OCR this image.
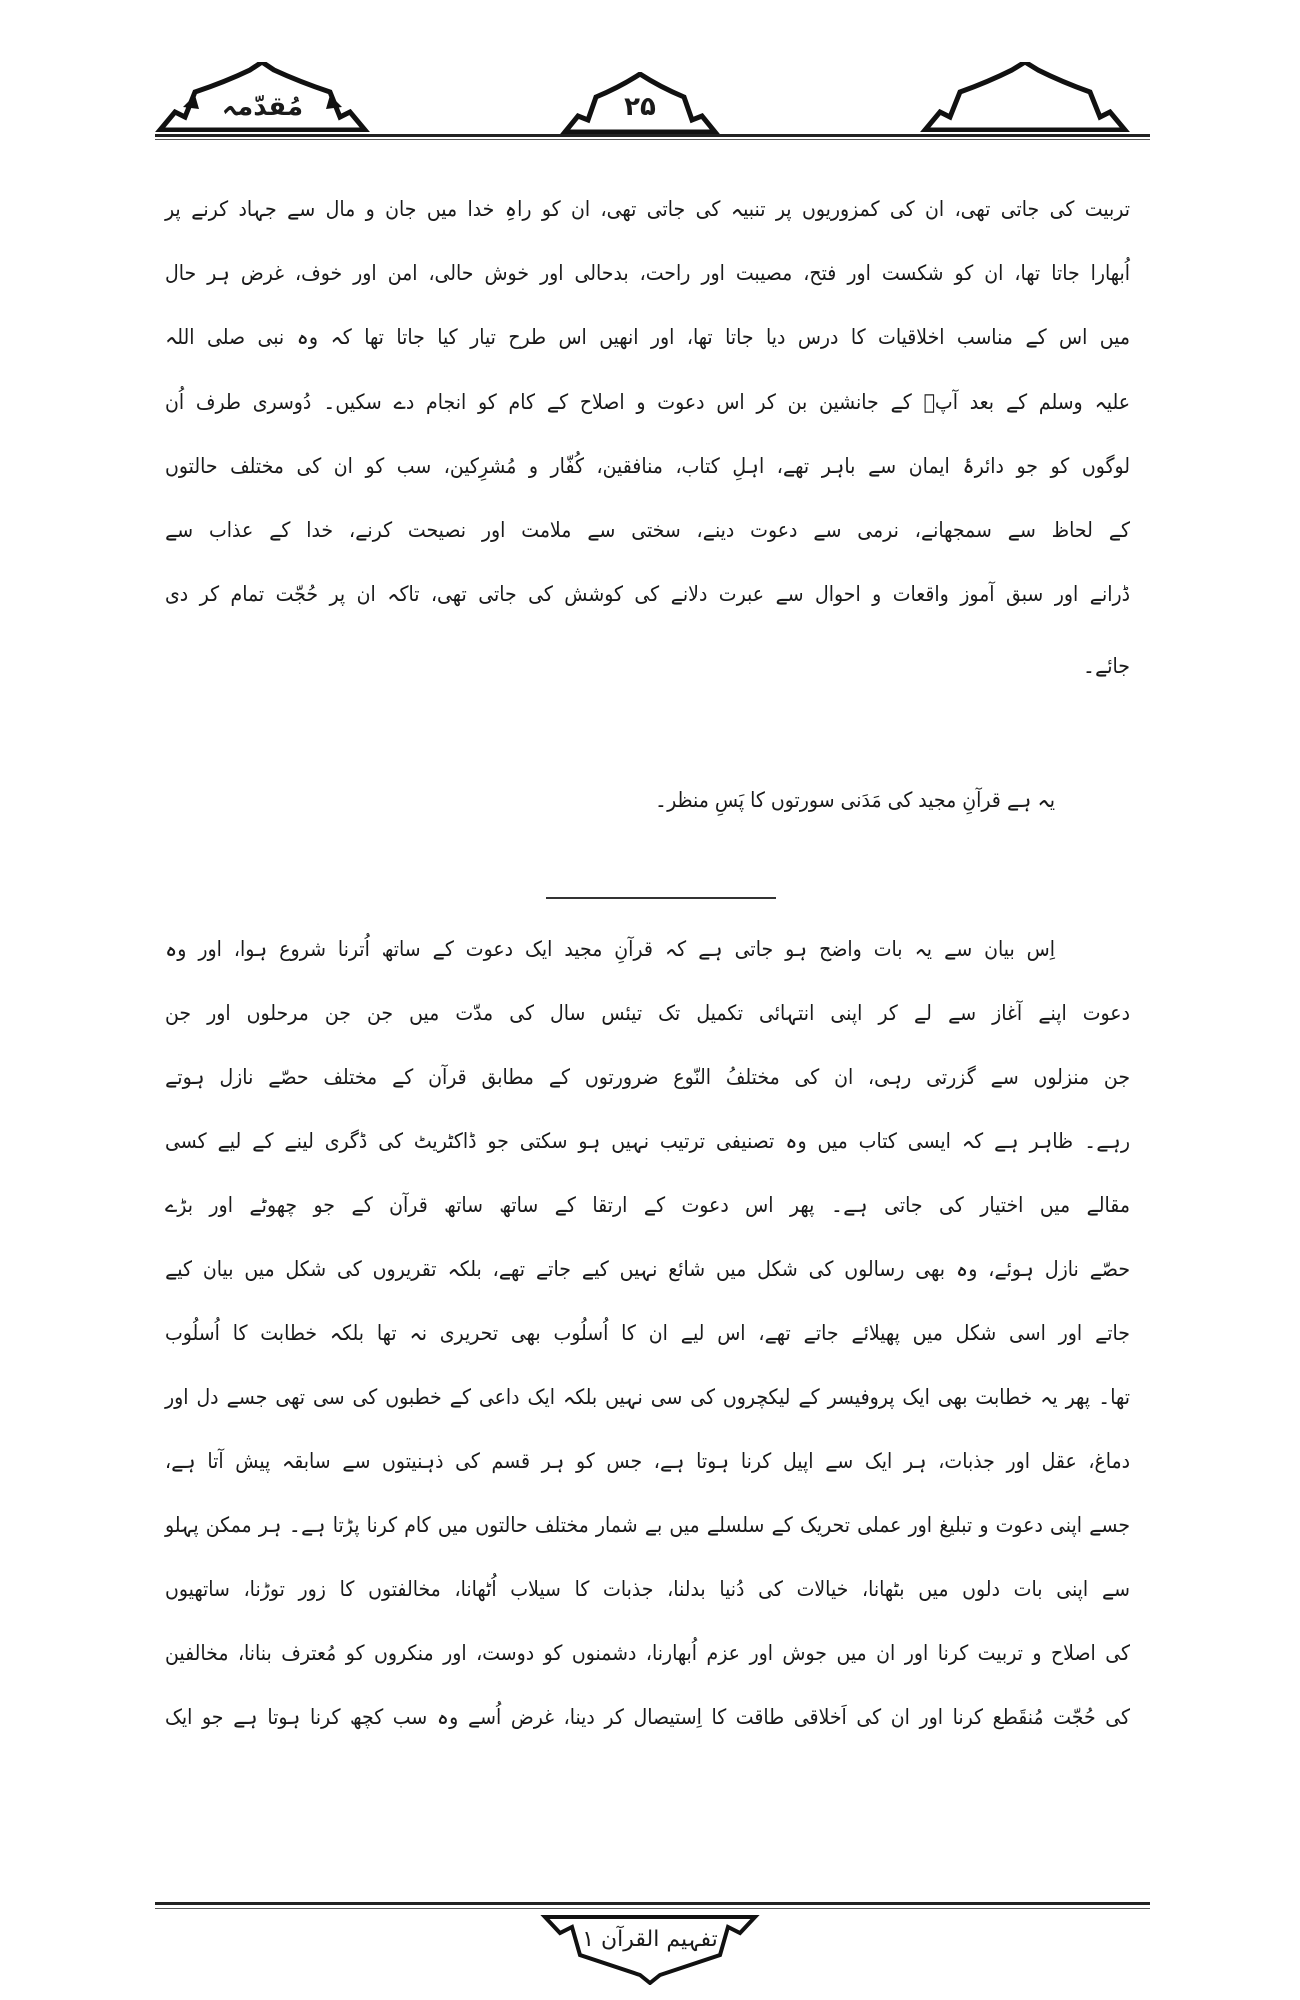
مُقدّمہ	۲۵
تربیت کی جاتی تھی، ان کی کمزوریوں پر تنبیہ کی جاتی تھی، ان کو راہِ خدا میں جان و مال سے جہاد کرنے پر
اُبھارا جاتا تھا، ان کو شکست اور فتح، مصیبت اور راحت، بدحالی اور خوش حالی، امن اور خوف، غرض ہر حال
میں اس کے مناسب اخلاقیات کا درس دیا جاتا تھا، اور انھیں اس طرح تیار کیا جاتا تھا کہ وہ نبی صلی اللہ
علیہ وسلم کے بعد آپؐ کے جانشین بن کر اس دعوت و اصلاح کے کام کو انجام دے سکیں۔ دُوسری طرف اُن
لوگوں کو جو دائرۂ ایمان سے باہر تھے، اہلِ کتاب، منافقین، کُفّار و مُشرِکین، سب کو ان کی مختلف حالتوں
کے لحاظ سے سمجھانے، نرمی سے دعوت دینے، سختی سے ملامت اور نصیحت کرنے، خدا کے عذاب سے
ڈرانے اور سبق آموز واقعات و احوال سے عبرت دلانے کی کوشش کی جاتی تھی، تاکہ ان پر حُجّت تمام کر دی
جائے۔
یہ ہے قرآنِ مجید کی مَدَنی سورتوں کا پَسِ منظر۔
اِس بیان سے یہ بات واضح ہو جاتی ہے کہ قرآنِ مجید ایک دعوت کے ساتھ اُترنا شروع ہوا، اور وہ
دعوت اپنے آغاز سے لے کر اپنی انتہائی تکمیل تک تیئس سال کی مدّت میں جن جن مرحلوں اور جن
جن منزلوں سے گزرتی رہی، ان کی مختلفُ النّوع ضرورتوں کے مطابق قرآن کے مختلف حصّے نازل ہوتے
رہے۔ ظاہر ہے کہ ایسی کتاب میں وہ تصنیفی ترتیب نہیں ہو سکتی جو ڈاکٹریٹ کی ڈگری لینے کے لیے کسی
مقالے میں اختیار کی جاتی ہے۔ پھر اس دعوت کے ارتقا کے ساتھ ساتھ قرآن کے جو چھوٹے اور بڑے
حصّے نازل ہوئے، وہ بھی رسالوں کی شکل میں شائع نہیں کیے جاتے تھے، بلکہ تقریروں کی شکل میں بیان کیے
جاتے اور اسی شکل میں پھیلائے جاتے تھے، اس لیے ان کا اُسلُوب بھی تحریری نہ تھا بلکہ خطابت کا اُسلُوب
تھا۔ پھر یہ خطابت بھی ایک پروفیسر کے لیکچروں کی سی نہیں بلکہ ایک داعی کے خطبوں کی سی تھی جسے دل اور
دماغ، عقل اور جذبات، ہر ایک سے اپیل کرنا ہوتا ہے، جس کو ہر قسم کی ذہنیتوں سے سابقہ پیش آتا ہے،
جسے اپنی دعوت و تبلیغ اور عملی تحریک کے سلسلے میں بے شمار مختلف حالتوں میں کام کرنا پڑتا ہے۔ ہر ممکن پہلو
سے اپنی بات دلوں میں بٹھانا، خیالات کی دُنیا بدلنا، جذبات کا سیلاب اُٹھانا، مخالفتوں کا زور توڑنا، ساتھیوں
کی اصلاح و تربیت کرنا اور ان میں جوش اور عزم اُبھارنا، دشمنوں کو دوست، اور منکروں کو مُعترف بنانا، مخالفین
کی حُجّت مُنقَطع کرنا اور ان کی اَخلاقی طاقت کا اِستیصال کر دینا، غرض اُسے وہ سب کچھ کرنا ہوتا ہے جو ایک
تفہیم القرآن ۱
